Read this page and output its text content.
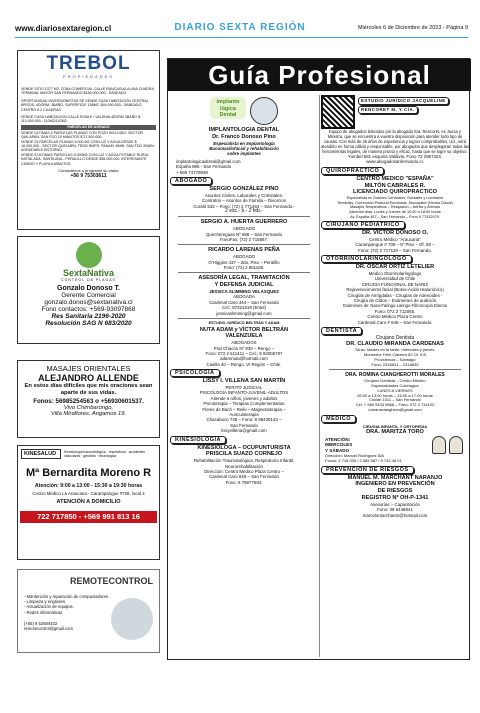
www.diariosextaregion.cl	DIARIO SEXTA REGIÓN	Miércoles 6 de Diciembre de 2023 - Página 9
TREBOL
PROPIEDADES
VENDE SITIO 1377 M2, ZONA COMERCIAL CALLE RANCAGUA A UNA CUADRA TERMINAL MAYOR SAN FERNANDO $185.000.000.- SANEADO.
OPORTUNIDAD INVERSIONISTAS SE VENDE CASA HABITACION CENTRAL 8PISOS, 4DORM, 3BAÑO, SUPERFICIE 158M2, $44.000.000.- SANEADO, CENTRO A 2 CUADRAS.
VENDE CASA HABITACION CALLE ROBLE / VALENIA 4DORM 3BAÑO $ 110.000.000.- 110M2/142M2.
PARCELAS DE AGRADO
VENDE ULTIMAS 4 PARCELAS PLANAS CON POZO INCLUIDO; SECTOR QUILAPAN, SAN FDO 10 MINUTOS $ 37.500.000.-
VENDE 29 PARCELAS PLANAS 5.000 M2 CON LUZ Y AGUA DESDE $ 18.000.000.- SECTOR QUELMEN, TENO RMPS, PANAM. 8MIN. SAN FDO 20MIN. AGRADABLE ENTORNO.
VENDE 5 ULTIMAS PARCELAS 5.000M2 CON LUZ Y AGUA POTABLE RURAL INSTALADA, SANTA ANA - PERALILLO DESDE $36.000.000. INTERESANTE CASINO Y PLAYA A MINUTOS.
Contáctenos o programe su visita:
+56 9 75303611
SextaNativa
CONTROL DE PLAGAS
Gonzalo Donoso T.
Gerente Comercial
gonzalo.donos@sextanativa.cl
Fono contactos: +569-93097868
Res Sanitaria 2196-2020
Resolución SAG N 683/2020
MASAJES ORIENTALES
ALEJANDRO ALLENDE
En estos días difíciles que mis oraciones sean aparte de sus vidas.
Fonos: 56985254563 o +56930601537.
Vivo Chimbarongo,
Villa Miraflores. Angamos 19.
KINESALUD	Kinesiología traumatológica · respiratoria · accidentes vasculares · geriatría · neurológica
Mª Bernardita Moreno R
Atención: 9:00 a 13:00 - 15:30 a 19:30 horas
Centro Médico La Araucana - Carampangue #708, local 4
ATENCIÓN A DOMICILIO
722 717850 - +569 991 813 16
REMOTECONTROL
- Mantención y reparación de compactadores.
- Limpieza y engrases.
- Actualización de equipos.
- Redes informáticas
(+56) 9 52684432
remotecontrol@gmail.com
Guía Profesional
implanto
lógica
Dental
IMPLANTOLOGIA DENTAL
Dr. Franco Donoso Pino
Especialista en Implantología
Bucomaxilofacial y rehabilitación
sobre implantes
implantologicadental@gmail.com
España 985 - San Fernando
+ 569 74778928
ABOGADO
SERGIO GONZÁLEZ PINO
Asuntos Civiles, Laborales y Criminales.
Contratos – Asuntos de Familia – Divorcios
Curaló 532 – Fono: (72) 2 771464 – San Fernando.-
2 esc.- b.- 2 feb.-
SERGIO A. HUERTA GUERRERO
ABOGADO
Quechereguas Nº 688 – San Fernando
FonoFax: (72) 2 715867.
RICARDO LARENAS PEÑA
ABOGADO
O'Higgins 437 – 2do. Piso – Peralillo
Fono: (72) 2 861168.
ASESORÍA LEGAL, TRAMITACIÓN
Y DEFENSA JUDICIAL
JESSICA SLIMMING VELÁSQUEZ
ABOGADA
Cardenal Caro 444 – San Fernando
Cel.: 87321819 (Entel)
jessicaslimming@gmail.com
ESTUDIO JURÍDICO BELTRÁN Y ADAM
NUTA ADAM y VÍCTOR BELTRÁN
VALENZUELA
ABOGADOS
Prat Chacón Nº 930 – Rengo –
Fono: 072 2 511411 – Cel.: 9 94006787
adamnuta@hotmail.com
Casilla 40 – Rengo. VI Región – Chile.
PSICOLOGÍA
LISSY I. VILLENA SAN MARTÍN
PERITO JUDICIAL
PSICOLOGÍA INFANTO-JUVENIL-ADULTOS
Atiende a niños, jóvenes y adultos
Psicoterapia – Terapias Complementarias
Flores de Bach – Reiki – Magnetoterapia –
Auriculoterapia
Chacabuco 748 – Fono: 9 98439143 –
San Fernando
lissyvillena@gmail.com
KINESIOLOGÍA
KINESIOLOGA – OCUPUNTURISTA
PRISCILA SUAZO CORNEJO
Rehabilitación Traumatológica, Respiratorio Infantil,
Neurorehabilitación
Dirección: Centro Médico Plaza Centro –
Cardenal Caro 646 – San Fernando
Fono: 9 75877584.
ESTUDIO JURÍDICO JACQUELINE RENCORET M. Y CÍA.
Equipo de abogados liderados por la abogada Sra. Rencoret, ex Jueza y Ministra, que se encuentra a vuestra disposición para atender todo tipo de causas. Con más de 25 años de experiencia y logros comprobables, Ud., será atendido en forma cálida y responsable, por abogados que desplegaran todas las herramientas legales, de manera pronta y eficaz, hasta que se logre su objetivo.
Yumbel 581 esquina Valdivia. Fono 72 2967424.
www.abogadosanfernando.cl.
QUIROPRÁCTICO
CENTRO MEDICO "ESPAÑA"
MILTÓN CABRALES R.
LICENCIADO QUIROPRACTICO
Especialista en Dolores Cervicales, Dorsales y Lumbares
Tendinitis, Corrección Postural Escoliosis, Discopatía (Hernia Discal)
Masajes Terapéuticos – Relajación – Artritis y Artrosis
Atención días: Lunes y Jueves de 10:00 a 18:00 horas
Av. España 467 – San Fernando – Fono 9 77432979.
CIRUJANO PEDIÁTRICO
DR. VÍCTOR DONOSO O.
Centro Médico "Araucaria"
Carampangue # 708 – 5º Piso – Of. 56 –
Fono: (72) 2 717120 – San Fernando.
OTORRINOLARINGÓLOGO
DR. ÓSCAR ORTIZ LETELIER
Médico Otorrinolaringólogo
Universidad de Chile
CIRUGÍA FUNCIONAL DE NARIZ
Rejuvenecimiento facial (Botox-Ácido Hialurónico)
Cirugías de Amígdalas - Cirugías de Adenoides -
Cirugía de Oídos – Exámenes de audición
Exámenes de: Naso-Faringo-Laringo-Fibroscopia Directa
Fono: 072 2 712065.
Centro Médico Plaza Centro
Cardenal Caro # 646 – San Fernando.
DENTISTA
Cirujano Dentista
DR. CLAUDIO MIRANDA CARDENAS
Dirac: Martes en la tarde, miércoles y jueves
Monseñor Félix Cabrera 52 Of. 3 B
Providencia – Santiago
Fono: 2318831 – 2318830
DRA. ROMINA CIANGHEROTTI MORALES
Cirujano Dentista – Centro Médico
Especialidades Colchagua
LUNES A VIERNES
09:00 a 13:00 horas – 16:00 a 17:00 horas
Chillán 1011 – San Fernando
Cel. + 569 9433 9868 – Fono: 072 2 714100
romanacianghero@gmail.com
MÉDICO
CIRUGIA INFANTIL Y ORTOPEDIA
DRA. MARITZA TORO
ATENCIÓN:
MIERCOLES
Y SÁBADO
Dirección: Manuel Rodríguez 52k
Fonos: 2 718 030 / 2 585 587 / 9 742 46 01
PREVENCIÓN DE RIESGOS
MANUEL M. MARCHANT NARANJO
INGENIERO EN PREVENCIÓN
DE RIESGOS
REGISTRO Nº OH-P-1341
Asesorías – Capacitación
Fono: 09 6448841
marcelomarchantn@hotmail.com
